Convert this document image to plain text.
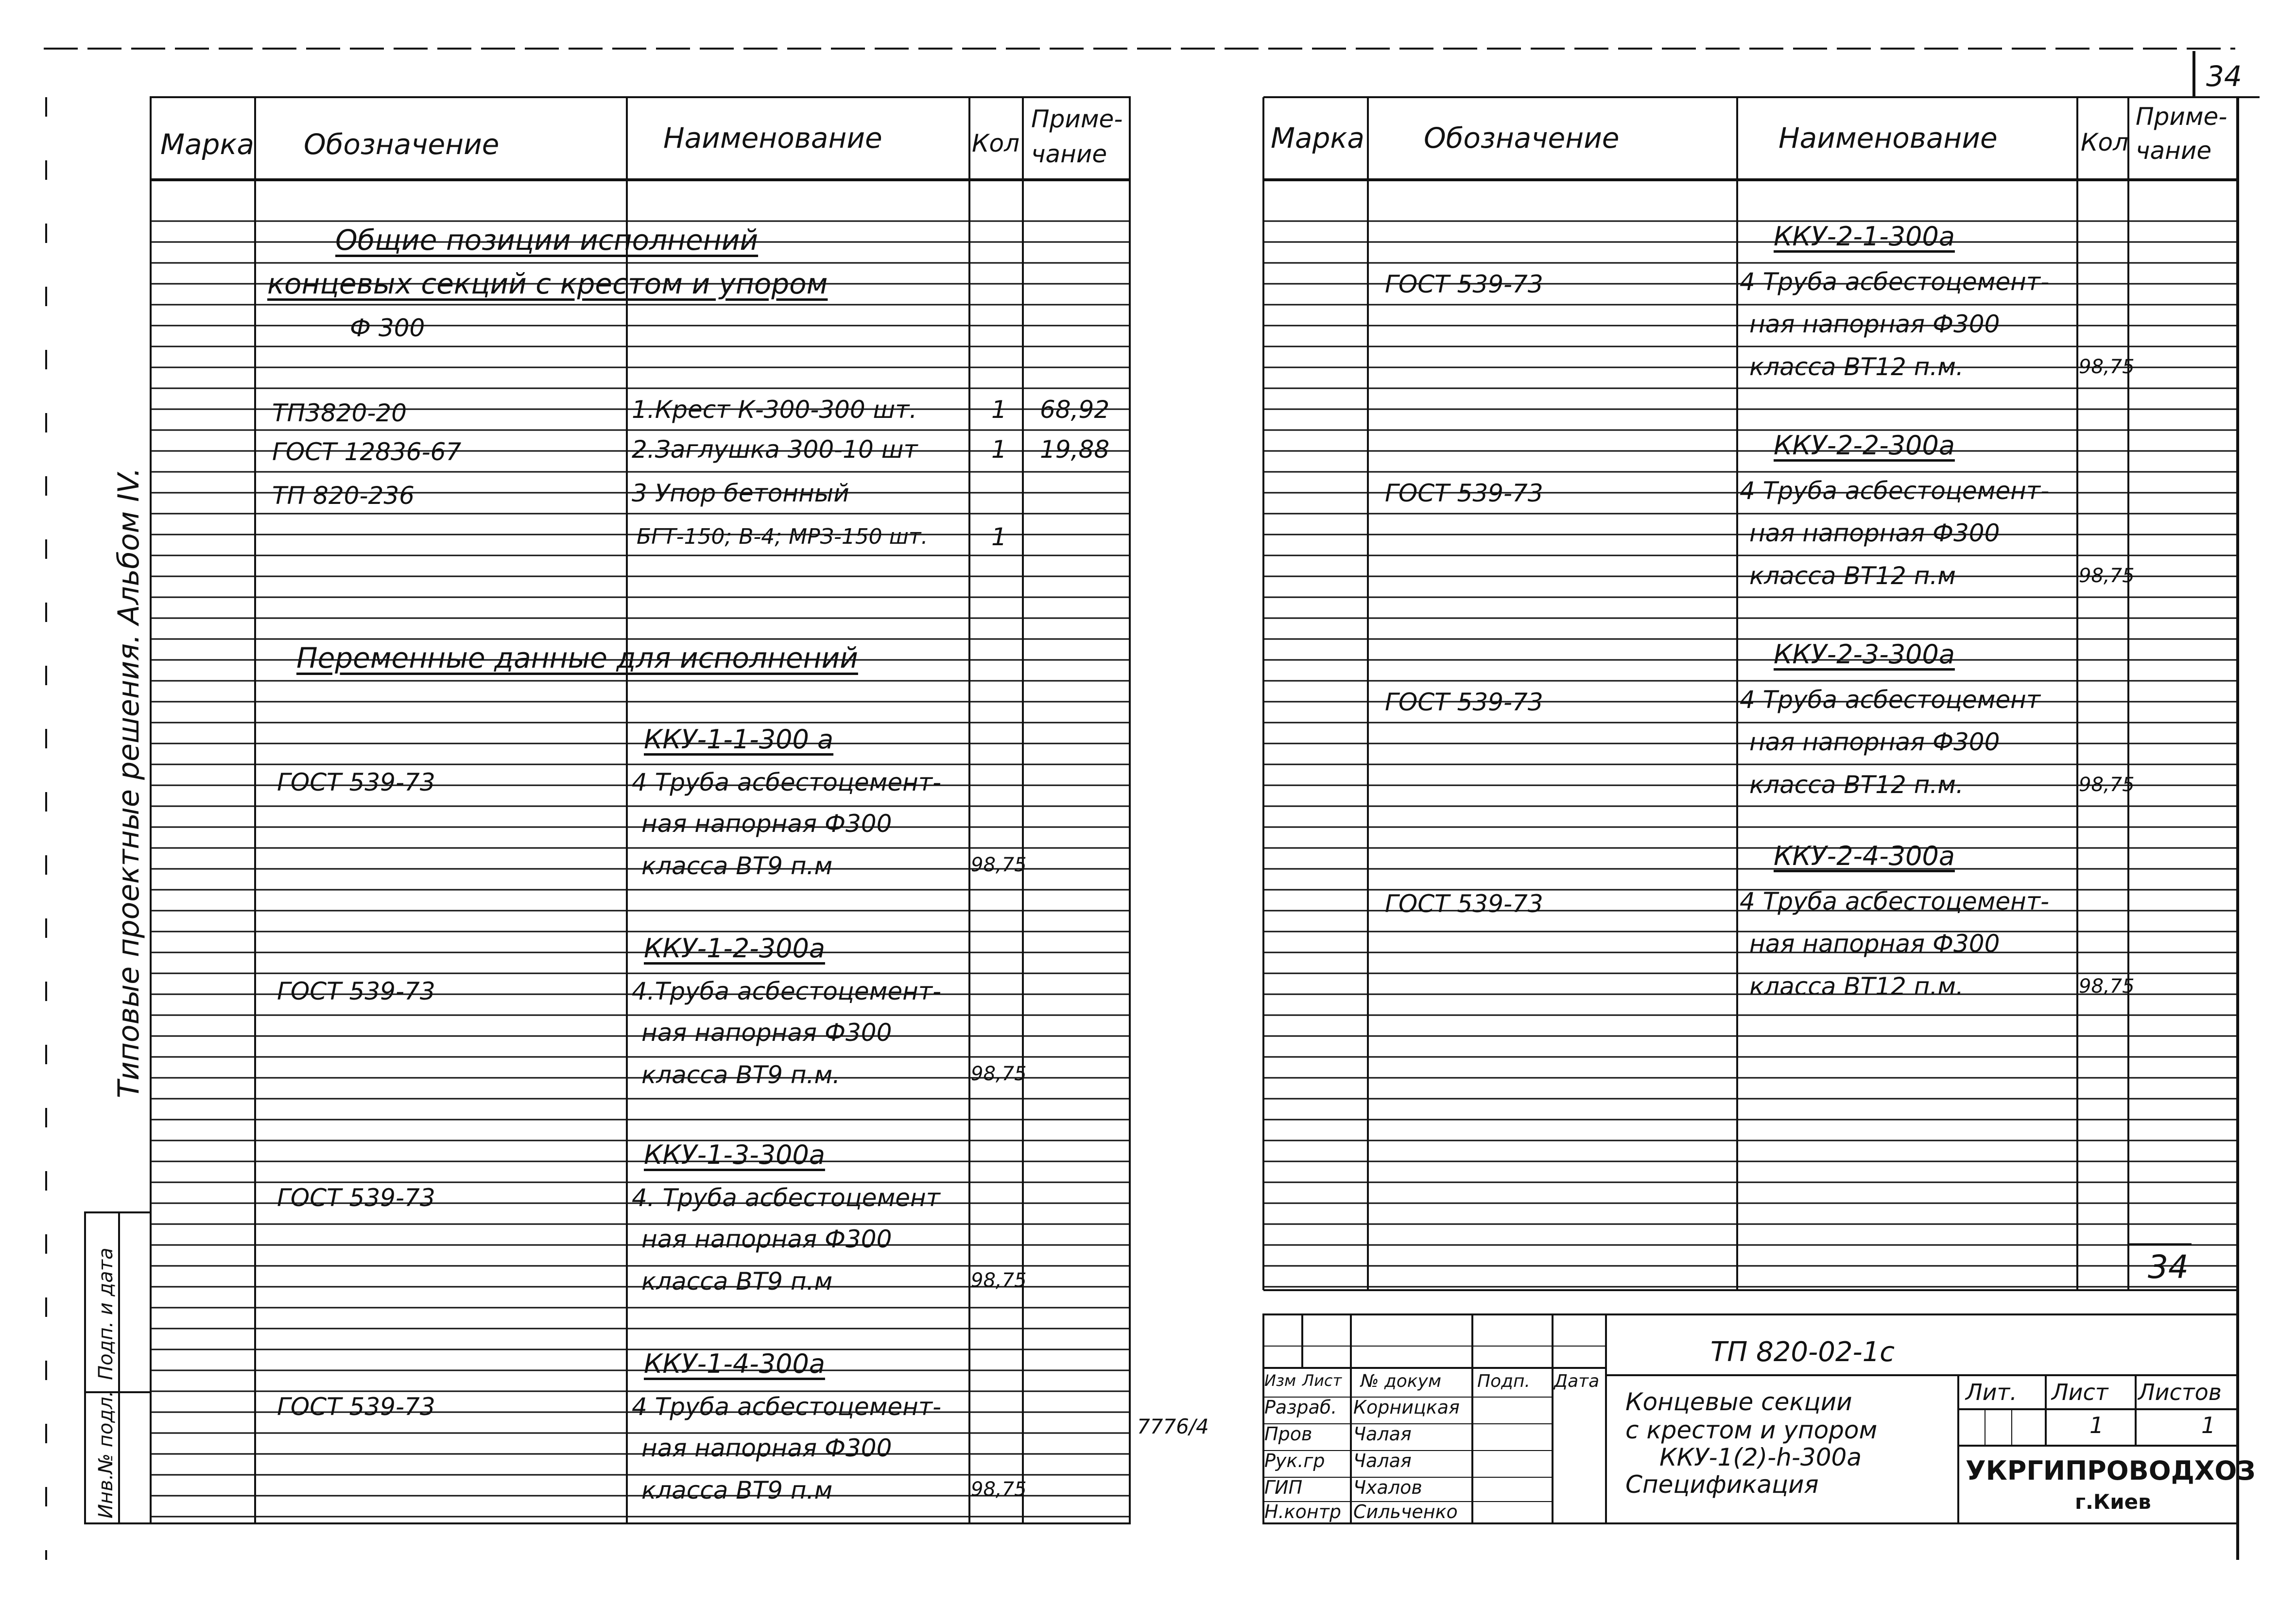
34
34
Типовые проектные решения. Альбом IV.
Подп. и дата
Инв.№ подл.	7776/4
Марка Обозначение	Наименование	Кол
Приме-
чание
Общие позиции исполнений
концевых секций с крестом и упором
Ф 300
ТП3820-20	1.Крест К-300-300 шт.	1 68,92
ГОСТ 12836-67	2.Заглушка 300-10 шт	1 19,88
ТП 820-236	3 Упор бетонный
БГТ-150; В-4; МРЗ-150 шт.	1
Переменные данные для исполнений
ККУ-1-1-300 а
ГОСТ 539-73	4 Труба асбестоцемент-
ная напорная Ф300
класса ВТ9 п.м	98,75
ККУ-1-2-300а
ГОСТ 539-73	4.Труба асбестоцемент-
ная напорная Ф300
класса ВТ9 п.м.	98,75
ККУ-1-3-300а
ГОСТ 539-73	4. Труба асбестоцемент
ная напорная Ф300
класса ВТ9 п.м	98,75
ККУ-1-4-300а
ГОСТ 539-73	4 Труба асбестоцемент-
ная напорная Ф300
класса ВТ9 п.м	98,75
Марка Обозначение	Наименование	Кол
Приме-
чание
ККУ-2-1-300а
ГОСТ 539-73	4 Труба асбестоцемент-
ная напорная Ф300
класса ВТ12 п.м.	98,75
ККУ-2-2-300а
ГОСТ 539-73	4 Труба асбестоцемент-
ная напорная Ф300
класса ВТ12 п.м	98,75
ККУ-2-3-300а
ГОСТ 539-73	4 Труба асбестоцемент
ная напорная Ф300
класса ВТ12 п.м.	98,75
ККУ-2-4-300а
ГОСТ 539-73	4 Труба асбестоцемент-
ная напорная Ф300
класса ВТ12 п.м.	98,75
ТП 820-02-1с
Изм Лист № докум Подп. Дата
Разраб. Корницкая
Пров Чалая
Рук.гр Чалая
ГИП	Чхалов
Н.контр Сильченко
Концевые секции
с крестом и упором
ККУ-1(2)-h-300а
Спецификация
Лит. Лист Листов
1	1
УКРГИПРОВОДХОЗ
г.Киев
